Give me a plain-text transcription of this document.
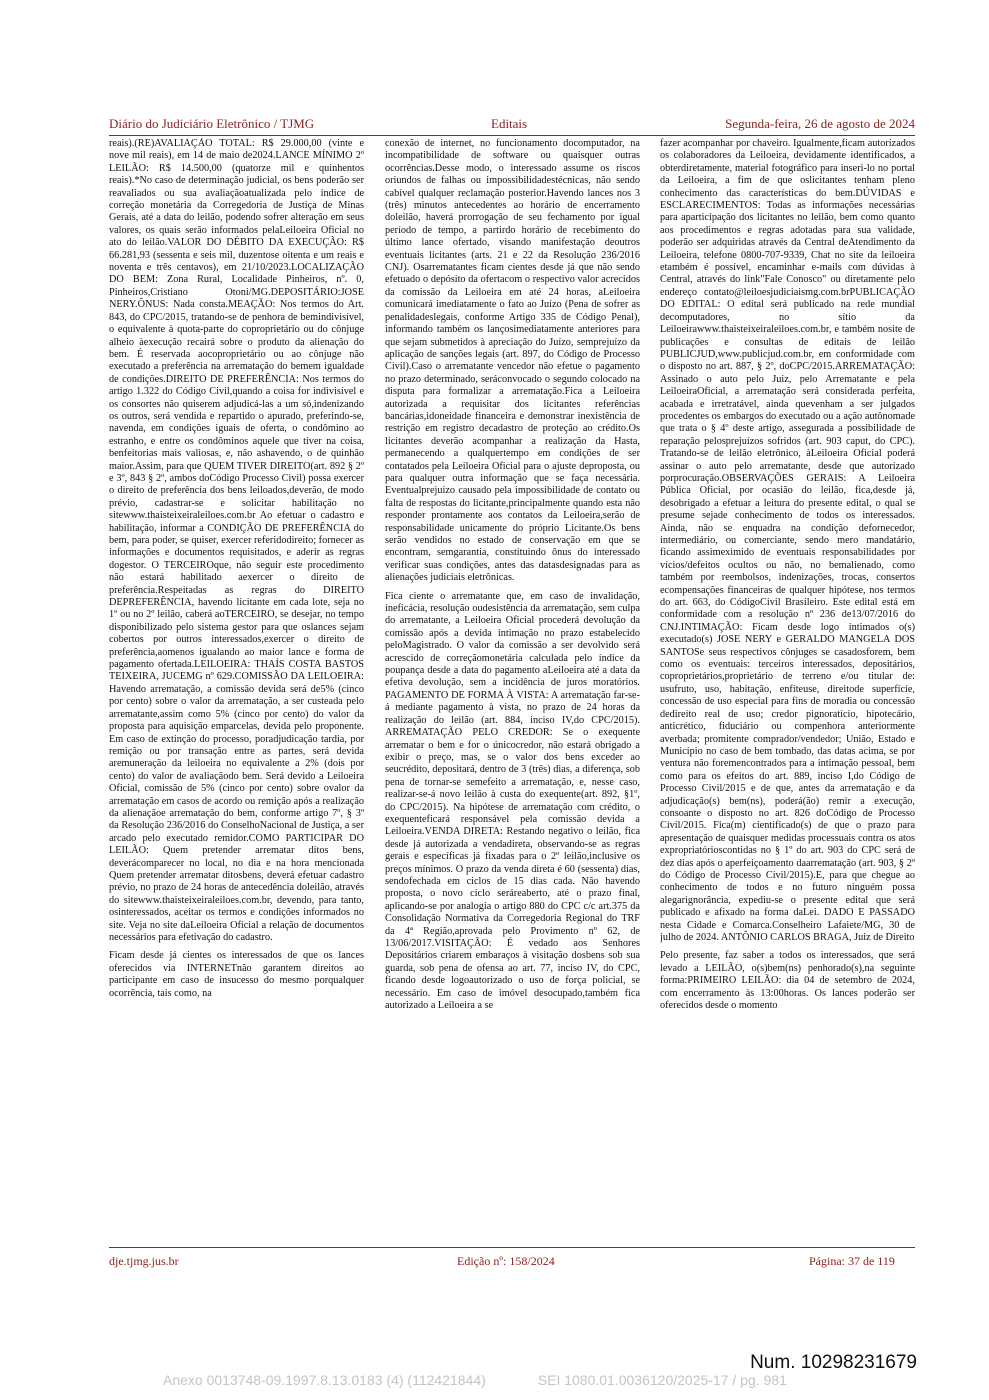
Diário do Judiciário Eletrônico / TJMG	Editais	Segunda-feira, 26 de agosto de 2024

reais).(RE)AVALIAÇÃO TOTAL: R$ 29.000,00 (vinte e nove mil reais), em 14 de maio de2024.LANCE MÍNIMO 2º LEILÃO: R$ 14.500,00 (quatorze mil e quinhentos reais).*No caso de determinação judicial, os bens poderão ser reavaliados ou sua avaliaçãoatualizada pelo índice de correção monetária da Corregedoria de Justiça de Minas Gerais, até a data do leilão, podendo sofrer alteração em seus valores, os quais serão informados pelaLeiloeira Oficial no ato do leilão.VALOR DO DÉBITO DA EXECUÇÃO: R$ 66.281,93 (sessenta e seis mil, duzentose oitenta e um reais e noventa e três centavos), em 21/10/2023.LOCALIZAÇÃO DO BEM: Zona Rural, Localidade Pinheiros, nº. 0, Pinheiros,Cristiano Otoni/MG.DEPOSITÁRIO:JOSE NERY.ÔNUS: Nada consta.MEAÇÃO: Nos termos do Art. 843, do CPC/2015, tratando-se de penhora de bemindivisível, o equivalente à quota-parte do coproprietário ou do cônjuge alheio àexecução recairá sobre o produto da alienação do bem. É reservada aocoproprietário ou ao cônjuge não executado a preferência na arrematação do bemem igualdade de condições.DIREITO DE PREFERÊNCIA: Nos termos do artigo 1.322 do Código Civil,quando a coisa for indivisível e os consortes não quiserem adjudicá-las a um só,indenizando os outros, será vendida e repartido o apurado, preferindo-se, navenda, em condições iguais de oferta, o condômino ao estranho, e entre os condôminos aquele que tiver na coisa, benfeitorias mais valiosas, e, não ashavendo, o de quinhão maior.Assim, para que QUEM TIVER DIREITO(art. 892 § 2º e 3º, 843 § 2º, ambos doCódigo Processo Civil) possa exercer o direito de preferência dos bens leiloados,deverão, de modo prévio, cadastrar-se e solicitar habilitação no sitewww.thaisteixeiraleiloes.com.br Ao efetuar o cadastro e habilitação, informar a CONDIÇÃO DE PREFERÊNCIA do bem, para poder, se quiser, exercer referidodireito; fornecer as informações e documentos requisitados, e aderir as regras dogestor. O TERCEIROque, não seguir este procedimento não estará habilitado aexercer o direito de preferência.Respeitadas as regras do DIREITO DEPREFERÊNCIA, havendo licitante em cada lote, seja no 1º ou no 2º leilão, caberá aoTERCEIRO, se desejar, no tempo disponibilizado pelo sistema gestor para que oslances sejam cobertos por outros interessados,exercer o direito de preferência,aomenos igualando ao maior lance e forma de pagamento ofertada.LEILOEIRA: THAÍS COSTA BASTOS TEIXEIRA, JUCEMG nº 629.COMISSÃO DA LEILOEIRA: Havendo arrematação, a comissão devida será de5% (cinco por cento) sobre o valor da arrematação, a ser custeada pelo arrematante,assim como 5% (cinco por cento) do valor da proposta para aquisição emparcelas, devida pelo proponente. Em caso de extinção do processo, poradjudicação tardia, por remição ou por transação entre as partes, será devida aremuneração da leiloeira no equivalente a 2% (dois por cento) do valor de avaliaçãodo bem. Será devido a Leiloeira Oficial, comissão de 5% (cinco por cento) sobre ovalor da arrematação em casos de acordo ou remição após a realização da alienaçãoe arrematação do bem, conforme artigo 7º, § 3º da Resolução 236/2016 do ConselhoNacional de Justiça, a ser arcado pelo executado remidor.COMO PARTICIPAR DO LEILÃO: Quem pretender arrematar ditos bens, deverácomparecer no local, no dia e na hora mencionada Quem pretender arrematar ditosbens, deverá efetuar cadastro prévio, no prazo de 24 horas de antecedência doleilão, através do sitewww.thaisteixeiraleiloes.com.br, devendo, para tanto, osinteressados, aceitar os termos e condições informados no site. Veja no site daLeiloeira Oficial a relação de documentos necessários para efetivação do cadastro.

Ficam desde já cientes os interessados de que os lances oferecidos via INTERNETnão garantem direitos ao participante em caso de insucesso do mesmo porqualquer ocorrência, tais como, na

conexão de internet, no funcionamento docomputador, na incompatibilidade de software ou quaisquer outras ocorrências.Desse modo, o interessado assume os riscos oriundos de falhas ou impossibilidadestécnicas, não sendo cabível qualquer reclamação posterior.Havendo lances nos 3 (três) minutos antecedentes ao horário de encerramento doleilão, haverá prorrogação de seu fechamento por igual período de tempo, a partirdo horário de recebimento do último lance ofertado, visando manifestação deoutros eventuais licitantes (arts. 21 e 22 da Resolução 236/2016 CNJ). Osarrematantes ficam cientes desde já que não sendo efetuado o depósito da ofertacom o respectivo valor acrecidos da comissão da Leiloeira em até 24 horas, aLeiloeira comunicará imediatamente o fato ao Juízo (Pena de sofrer as penalidadeslegais, conforme Artigo 335 de Código Penal), informando também os lançosimediatamente anteriores para que sejam submetidos à apreciação do Juízo, semprejuízo da aplicação de sanções legais (art. 897, do Código de Processo Civil).Caso o arrematante vencedor não efetue o pagamento no prazo determinado, seráconvocado o segundo colocado na disputa para formalizar a arrematação.Fica a Leiloeira autorizada a requisitar dos licitantes referências bancárias,idoneidade financeira e demonstrar inexistência de restrição em registro decadastro de proteção ao crédito.Os licitantes deverão acompanhar a realização da Hasta, permanecendo a qualquertempo em condições de ser contatados pela Leiloeira Oficial para o ajuste deproposta, ou para qualquer outra informação que se faça necessária. Eventualprejuízo causado pela impossibilidade de contato ou falta de respostas do licitante,principalmente quando esta não responder prontamente aos contatos da Leiloeira,serão de responsabilidade unicamente do próprio Licitante.Os bens serão vendidos no estado de conservação em que se encontram, semgarantia, constituindo ônus do interessado verificar suas condições, antes das datasdesignadas para as alienações judiciais eletrônicas.

Fica ciente o arrematante que, em caso de invalidação, ineficácia, resolução oudesistência da arrematação, sem culpa do arrematante, a Leiloeira Oficial procederá devolução da comissão após a devida intimação no prazo estabelecido peloMagistrado. O valor da comissão a ser devolvido será acrescido de correçãomonetária calculada pelo índice da poupança desde a data do pagamento aLeiloeira até a data da efetiva devolução, sem a incidência de juros moratórios. PAGAMENTO DE FORMA À VISTA: A arrematação far-se-á mediante pagamento à vista, no prazo de 24 horas da realização do leilão (art. 884, inciso IV,do CPC/2015). ARREMATAÇÃO PELO CREDOR: Se o exequente arrematar o bem e for o únicocredor, não estará obrigado a exibir o preço, mas, se o valor dos bens exceder ao seucrédito, depositará, dentro de 3 (três) dias, a diferença, sob pena de tornar-se semefeito a arrematação, e, nesse caso, realizar-se-á novo leilão à custa do exequente(art. 892, §1º, do CPC/2015). Na hipótese de arrematação com crédito, o exequenteficará responsável pela comissão devida a Leiloeira.VENDA DIRETA: Restando negativo o leilão, fica desde já autorizada a vendadireta, observando-se as regras gerais e específicas já fixadas para o 2º leilão,inclusive os preços mínimos. O prazo da venda direta é 60 (sessenta) dias, sendofechada em ciclos de 15 dias cada. Não havendo proposta, o novo ciclo seráreaberto, até o prazo final, aplicando-se por analogia o artigo 880 do CPC c/c art.375 da Consolidação Normativa da Corregedoria Regional do TRF da 4ª Região,aprovada pelo Provimento nº 62, de 13/06/2017.VISITAÇÃO: É vedado aos Senhores Depositários criarem embaraços à visitação dosbens sob sua guarda, sob pena de ofensa ao art. 77, inciso IV, do CPC, ficando desde logoautorizado o uso de força policial, se necessário. Em caso de imóvel desocupado,também fica autorizado a Leiloeira a se

fazer acompanhar por chaveiro. Igualmente,ficam autorizados os colaboradores da Leiloeira, devidamente identificados, a obterdiretamente, material fotográfico para inseri-lo no portal da Leiloeira, a fim de que oslicitantes tenham pleno conhecimento das características do bem.DÚVIDAS e ESCLARECIMENTOS: Todas as informações necessárias para aparticipação dos licitantes no leilão, bem como quanto aos procedimentos e regras adotadas para sua validade, poderão ser adquiridas através da Central deAtendimento da Leiloeira, telefone 0800-707-9339, Chat no site da leiloeira etambém é possível, encaminhar e-mails com dúvidas à Central, através do link"Fale Conosco" ou diretamente pelo endereço contato@leiloesjudiciaismg.com.brPUBLICAÇÃO DO EDITAL: O edital será publicado na rede mundial decomputadores, no sítio da Leiloeirawww.thaisteixeiraleiloes.com.br, e também nosite de publicações e consultas de editais de leilão PUBLICJUD,www.publicjud.com.br, em conformidade com o disposto no art. 887, § 2º, doCPC/2015.ARREMATAÇÃO: Assinado o auto pelo Juiz, pelo Arrematante e pela LeiloeiraOficial, a arrematação será considerada perfeita, acabada e irretratável, ainda quevenham a ser julgados procedentes os embargos do executado ou a ação autônomade que trata o § 4º deste artigo, assegurada a possibilidade de reparação pelosprejuízos sofridos (art. 903 caput, do CPC). Tratando-se de leilão eletrônico, àLeiloeira Oficial poderá assinar o auto pelo arrematante, desde que autorizado porprocuração.OBSERVAÇÕES GERAIS: A Leiloeira Pública Oficial, por ocasião do leilão, fica,desde já, desobrigado a efetuar a leitura do presente edital, o qual se presume sejade conhecimento de todos os interessados. Ainda, não se enquadra na condição defornecedor, intermediário, ou comerciante, sendo mero mandatário, ficando assimeximido de eventuais responsabilidades por vícios/defeitos ocultos ou não, no bemalienado, como também por reembolsos, indenizações, trocas, consertos ecompensações financeiras de qualquer hipótese, nos termos do art. 663, do CódigoCivil Brasileiro. Este edital está em conformidade com a resolução nº 236 de13/07/2016 do CNJ.INTIMAÇÃO: Ficam desde logo intimados o(s) executado(s) JOSE NERY e GERALDO MANGELA DOS SANTOSe seus respectivos cônjuges se casadosforem, bem como os eventuais: terceiros interessados, depositários, coproprietários,proprietário de terreno e/ou titular de: usufruto, uso, habitação, enfiteuse, direitode superfície, concessão de uso especial para fins de moradia ou concessão dedireito real de uso; credor pignoratício, hipotecário, anticrético, fiduciário ou compenhora anteriormente averbada; promitente comprador/vendedor; União, Estado e Município no caso de bem tombado, das datas acima, se por ventura não foremencontrados para a intimação pessoal, bem como para os efeitos do art. 889, inciso I,do Código de Processo Civil/2015 e de que, antes da arrematação e da adjudicação(s) bem(ns), poderá(ão) remir a execução, consoante o disposto no art. 826 doCódigo de Processo Civil/2015. Fica(m) cientificado(s) de que o prazo para apresentação de quaisquer medidas processuais contra os atos expropriatórioscontidas no § 1º do art. 903 do CPC será de dez dias após o aperfeiçoamento daarrematação (art. 903, § 2º do Código de Processo Civil/2015).E, para que chegue ao conhecimento de todos e no futuro ninguém possa alegarignorância, expediu-se o presente edital que será publicado e afixado na forma daLei. DADO E PASSADO nesta Cidade e Comarca.Conselheiro Lafaiete/MG, 30 de julho de 2024. ANTÔNIO CARLOS BRAGA, Juiz de Direito

Pelo presente, faz saber a todos os interessados, que será levado a LEILÃO, o(s)bem(ns) penhorado(s),na seguinte forma:PRIMEIRO LEILÃO: dia 04 de setembro de 2024, com encerramento às 13:00horas. Os lances poderão ser oferecidos desde o momento

dje.tjmg.jus.br	Edição nº: 158/2024	Página: 37 de 119
Num. 10298231679
Anexo 0013748-09.1997.8.13.0183 (4) (112421844)	SEI 1080.01.0036120/2025-17 / pg. 981
